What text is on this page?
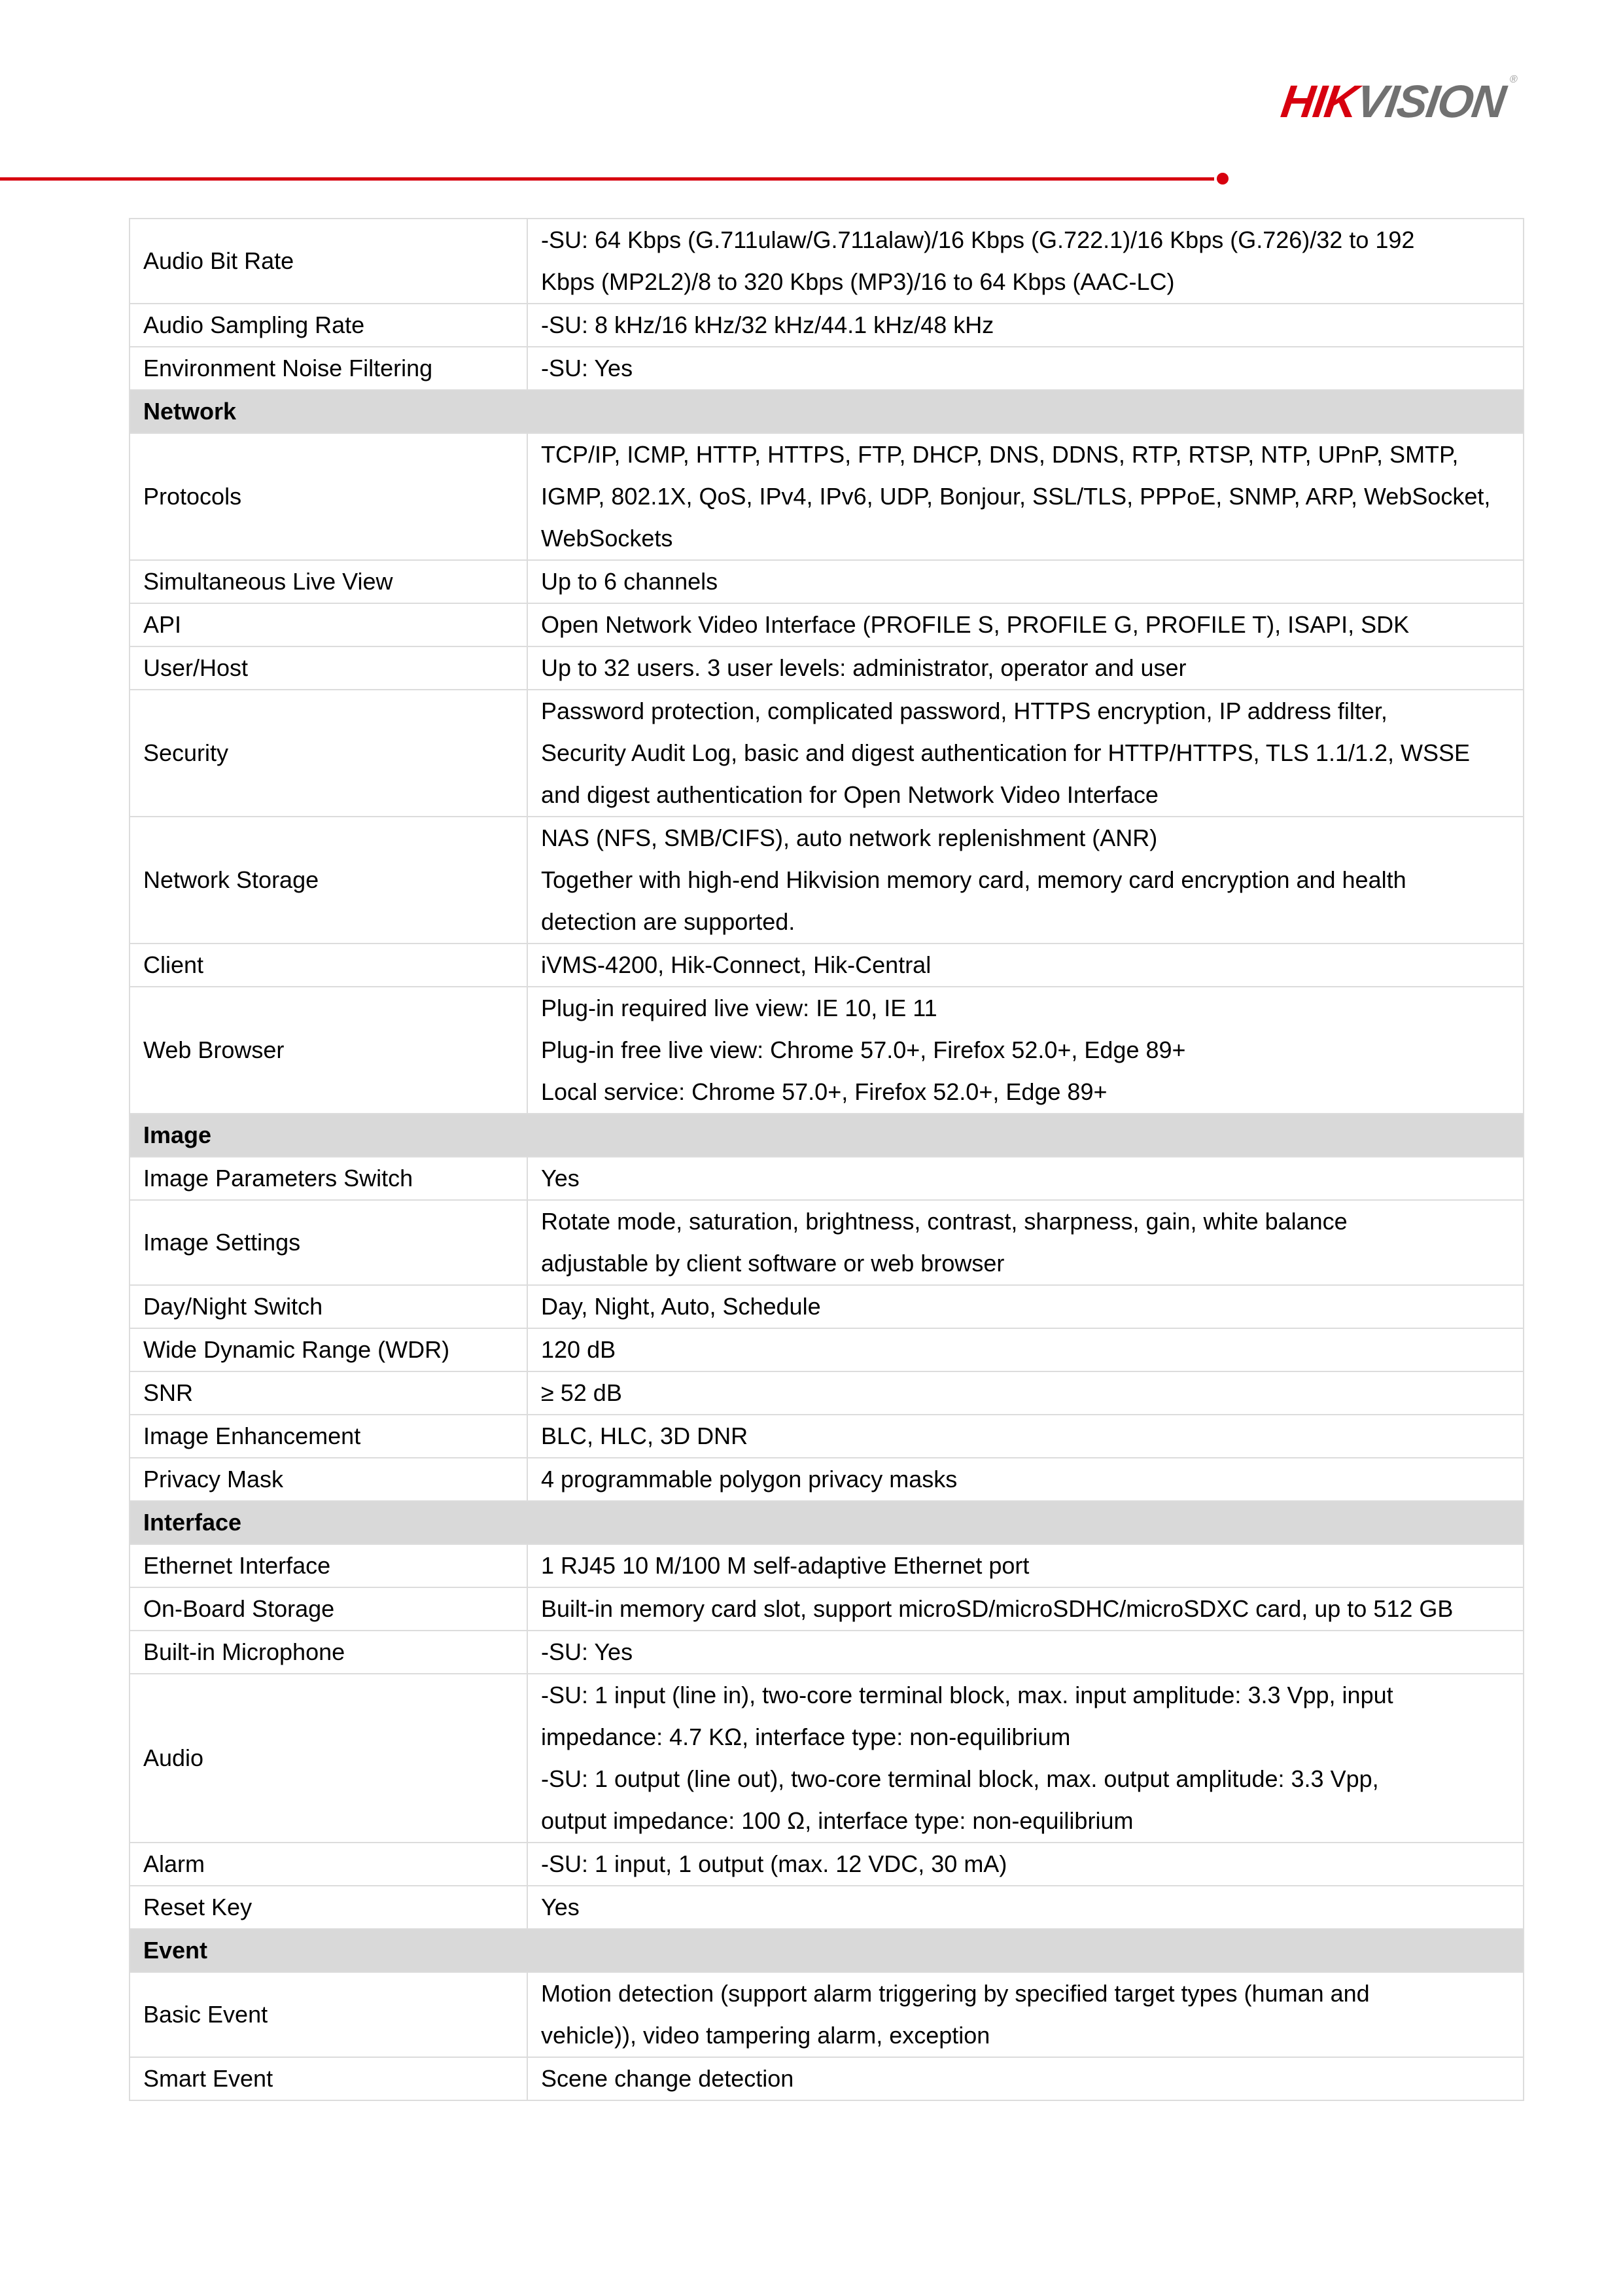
HIK
VISION ®
Audio Bit Rate	-SU: 64 Kbps (G.711ulaw/G.711alaw)/16 Kbps (G.722.1)/16 Kbps (G.726)/32 to 192
Kbps (MP2L2)/8 to 320 Kbps (MP3)/16 to 64 Kbps (AAC-LC)

Audio Sampling Rate	-SU: 8 kHz/16 kHz/32 kHz/44.1 kHz/48 kHz

Environment Noise Filtering	-SU: Yes

Network	
Protocols	TCP/IP, ICMP, HTTP, HTTPS, FTP, DHCP, DNS, DDNS, RTP, RTSP, NTP, UPnP, SMTP,
IGMP, 802.1X, QoS, IPv4, IPv6, UDP, Bonjour, SSL/TLS, PPPoE, SNMP, ARP, WebSocket,
WebSockets

Simultaneous Live View	Up to 6 channels

API	Open Network Video Interface (PROFILE S, PROFILE G, PROFILE T), ISAPI, SDK

User/Host	Up to 32 users. 3 user levels: administrator, operator and user

Security	Password protection, complicated password, HTTPS encryption, IP address filter,
Security Audit Log, basic and digest authentication for HTTP/HTTPS, TLS 1.1/1.2, WSSE
and digest authentication for Open Network Video Interface

Network Storage	NAS (NFS, SMB/CIFS), auto network replenishment (ANR)
Together with high-end Hikvision memory card, memory card encryption and health
detection are supported.

Client	iVMS-4200, Hik-Connect, Hik-Central

Web Browser	Plug-in required live view: IE 10, IE 11
Plug-in free live view: Chrome 57.0+, Firefox 52.0+, Edge 89+
Local service: Chrome 57.0+, Firefox 52.0+, Edge 89+

Image	
Image Parameters Switch	Yes

Image Settings	Rotate mode, saturation, brightness, contrast, sharpness, gain, white balance
adjustable by client software or web browser

Day/Night Switch	Day, Night, Auto, Schedule

Wide Dynamic Range (WDR)	120 dB

SNR	≥ 52 dB

Image Enhancement	BLC, HLC, 3D DNR

Privacy Mask	4 programmable polygon privacy masks

Interface	
Ethernet Interface	1 RJ45 10 M/100 M self-adaptive Ethernet port

On-Board Storage	Built-in memory card slot, support microSD/microSDHC/microSDXC card, up to 512 GB

Built-in Microphone	-SU: Yes

Audio	-SU: 1 input (line in), two-core terminal block, max. input amplitude: 3.3 Vpp, input
impedance: 4.7 KΩ, interface type: non-equilibrium
-SU: 1 output (line out), two-core terminal block, max. output amplitude: 3.3 Vpp,
output impedance: 100 Ω, interface type: non-equilibrium

Alarm	-SU: 1 input, 1 output (max. 12 VDC, 30 mA)

Reset Key	Yes

Event	
Basic Event	Motion detection (support alarm triggering by specified target types (human and
vehicle)), video tampering alarm, exception

Smart Event	Scene change detection
